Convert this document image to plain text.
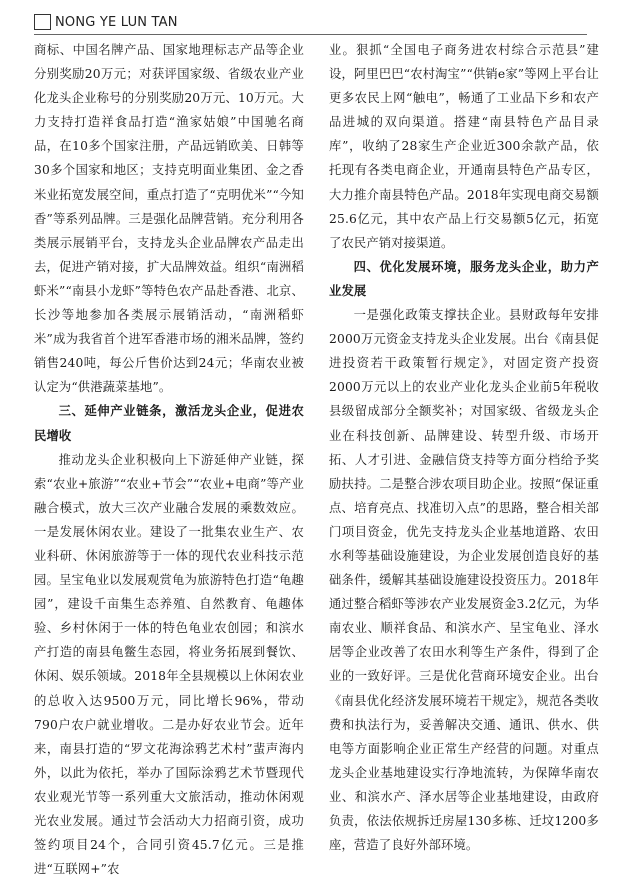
NONG YE LUN TAN

商标、中国名牌产品、国家地理标志产品等企业分别奖励20万元；对获评国家级、省级农业产业化龙头企业称号的分别奖励20万元、10万元。大力支持打造祥食品打造“渔家姑娘”中国驰名商品，在10多个国家注册，产品远销欧美、日韩等30多个国家和地区；支持克明面业集团、金之香米业拓宽发展空间，重点打造了“克明优米”“今知香”等系列品牌。三是强化品牌营销。充分利用各类展示展销平台，支持龙头企业品牌农产品走出去，促进产销对接，扩大品牌效益。组织“南洲稻虾米”“南县小龙虾”等特色农产品赴香港、北京、长沙等地参加各类展示展销活动，“南洲稻虾米”成为我省首个进军香港市场的湘米品牌，签约销售240吨，每公斤售价达到24元；华南农业被认定为“供港蔬菜基地”。

三、延伸产业链条，激活龙头企业，促进农民增收

推动龙头企业积极向上下游延伸产业链，探索“农业+旅游”“农业+节会”“农业+电商”等产业融合模式，放大三次产业融合发展的乘数效应。一是发展休闲农业。建设了一批集农业生产、农业科研、休闲旅游等于一体的现代农业科技示范园。呈宝龟业以发展观赏龟为旅游特色打造“龟趣园”，建设千亩集生态养殖、自然教育、龟趣体验、乡村休闲于一体的特色龟业农创园；和滨水产打造的南县龟鳖生态园，将业务拓展到餐饮、休闲、娱乐领域。2018年全县规模以上休闲农业的总收入达9500万元，同比增长96%，带动790户农户就业增收。二是办好农业节会。近年来，南县打造的“罗文花海涂鸦艺术村”蜚声海内外，以此为依托，举办了国际涂鸦艺术节暨现代农业观光节等一系列重大文旅活动，推动休闲观光农业发展。通过节会活动大力招商引资，成功签约项目24个，合同引资45.7亿元。三是推进“互联网+”农

业。狠抓“全国电子商务进农村综合示范县”建设，阿里巴巴“农村淘宝”“供销e家”等网上平台让更多农民上网“触电”，畅通了工业品下乡和农产品进城的双向渠道。搭建“南县特色产品目录库”，收纳了28家生产企业近300余款产品，依托现有各类电商企业，开通南县特色产品专区，大力推介南县特色产品。2018年实现电商交易额25.6亿元，其中农产品上行交易额5亿元，拓宽了农民产销对接渠道。

四、优化发展环境，服务龙头企业，助力产业发展

一是强化政策支撑扶企业。县财政每年安排2000万元资金支持龙头企业发展。出台《南县促进投资若干政策暂行规定》，对固定资产投资2000万元以上的农业产业化龙头企业前5年税收县级留成部分全额奖补；对国家级、省级龙头企业在科技创新、品牌建设、转型升级、市场开拓、人才引进、金融信贷支持等方面分档给予奖励扶持。二是整合涉农项目助企业。按照“保证重点、培育亮点、找准切入点”的思路，整合相关部门项目资金，优先支持龙头企业基地道路、农田水利等基础设施建设，为企业发展创造良好的基础条件，缓解其基础设施建设投资压力。2018年通过整合稻虾等涉农产业发展资金3.2亿元，为华南农业、顺祥食品、和滨水产、呈宝龟业、泽水居等企业改善了农田水利等生产条件，得到了企业的一致好评。三是优化营商环境安企业。出台《南县优化经济发展环境若干规定》，规范各类收费和执法行为，妥善解决交通、通讯、供水、供电等方面影响企业正常生产经营的问题。对重点龙头企业基地建设实行净地流转，为保障华南农业、和滨水产、泽水居等企业基地建设，由政府负责，依法依规拆迁房屋130多栋、迁坟1200多座，营造了良好外部环境。
